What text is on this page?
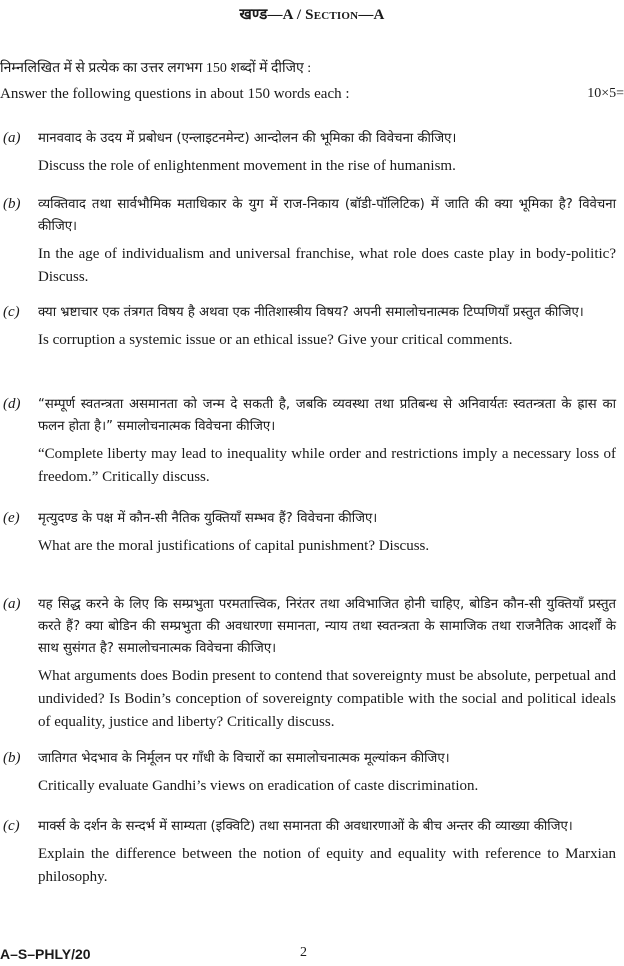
खण्ड—A / Section—A
निम्नलिखित में से प्रत्येक का उत्तर लगभग 150 शब्दों में दीजिए :
Answer the following questions in about 150 words each :	10×5=
(a) मानववाद के उदय में प्रबोधन (एन्लाइटनमेन्ट) आन्दोलन की भूमिका की विवेचना कीजिए।
Discuss the role of enlightenment movement in the rise of humanism.
(b) व्यक्तिवाद तथा सार्वभौमिक मताधिकार के युग में राज-निकाय (बॉडी-पॉलिटिक) में जाति की क्या भूमिका है? विवेचना कीजिए।
In the age of individualism and universal franchise, what role does caste play in body-politic? Discuss.
(c) क्या भ्रष्टाचार एक तंत्रगत विषय है अथवा एक नीतिशास्त्रीय विषय? अपनी समालोचनात्मक टिप्पणियाँ प्रस्तुत कीजिए।
Is corruption a systemic issue or an ethical issue? Give your critical comments.
(d) “सम्पूर्ण स्वतन्त्रता असमानता को जन्म दे सकती है, जबकि व्यवस्था तथा प्रतिबन्ध से अनिवार्यतः स्वतन्त्रता के ह्रास का फलन होता है।” समालोचनात्मक विवेचना कीजिए।
“Complete liberty may lead to inequality while order and restrictions imply a necessary loss of freedom.” Critically discuss.
(e) मृत्युदण्ड के पक्ष में कौन-सी नैतिक युक्तियाँ सम्भव हैं? विवेचना कीजिए।
What are the moral justifications of capital punishment? Discuss.
(a) यह सिद्ध करने के लिए कि सम्प्रभुता परमतात्त्विक, निरंतर तथा अविभाजित होनी चाहिए, बोडिन कौन-सी युक्तियाँ प्रस्तुत करते हैं? क्या बोडिन की सम्प्रभुता की अवधारणा समानता, न्याय तथा स्वतन्त्रता के सामाजिक तथा राजनैतिक आदर्शों के साथ सुसंगत है? समालोचनात्मक विवेचना कीजिए।
What arguments does Bodin present to contend that sovereignty must be absolute, perpetual and undivided? Is Bodin’s conception of sovereignty compatible with the social and political ideals of equality, justice and liberty? Critically discuss.
(b) जातिगत भेदभाव के निर्मूलन पर गाँधी के विचारों का समालोचनात्मक मूल्यांकन कीजिए।
Critically evaluate Gandhi’s views on eradication of caste discrimination.
(c) मार्क्स के दर्शन के सन्दर्भ में साम्यता (इक्विटि) तथा समानता की अवधारणाओं के बीच अन्तर की व्याख्या कीजिए।
Explain the difference between the notion of equity and equality with reference to Marxian philosophy.
A–S–PHLY/20	2
